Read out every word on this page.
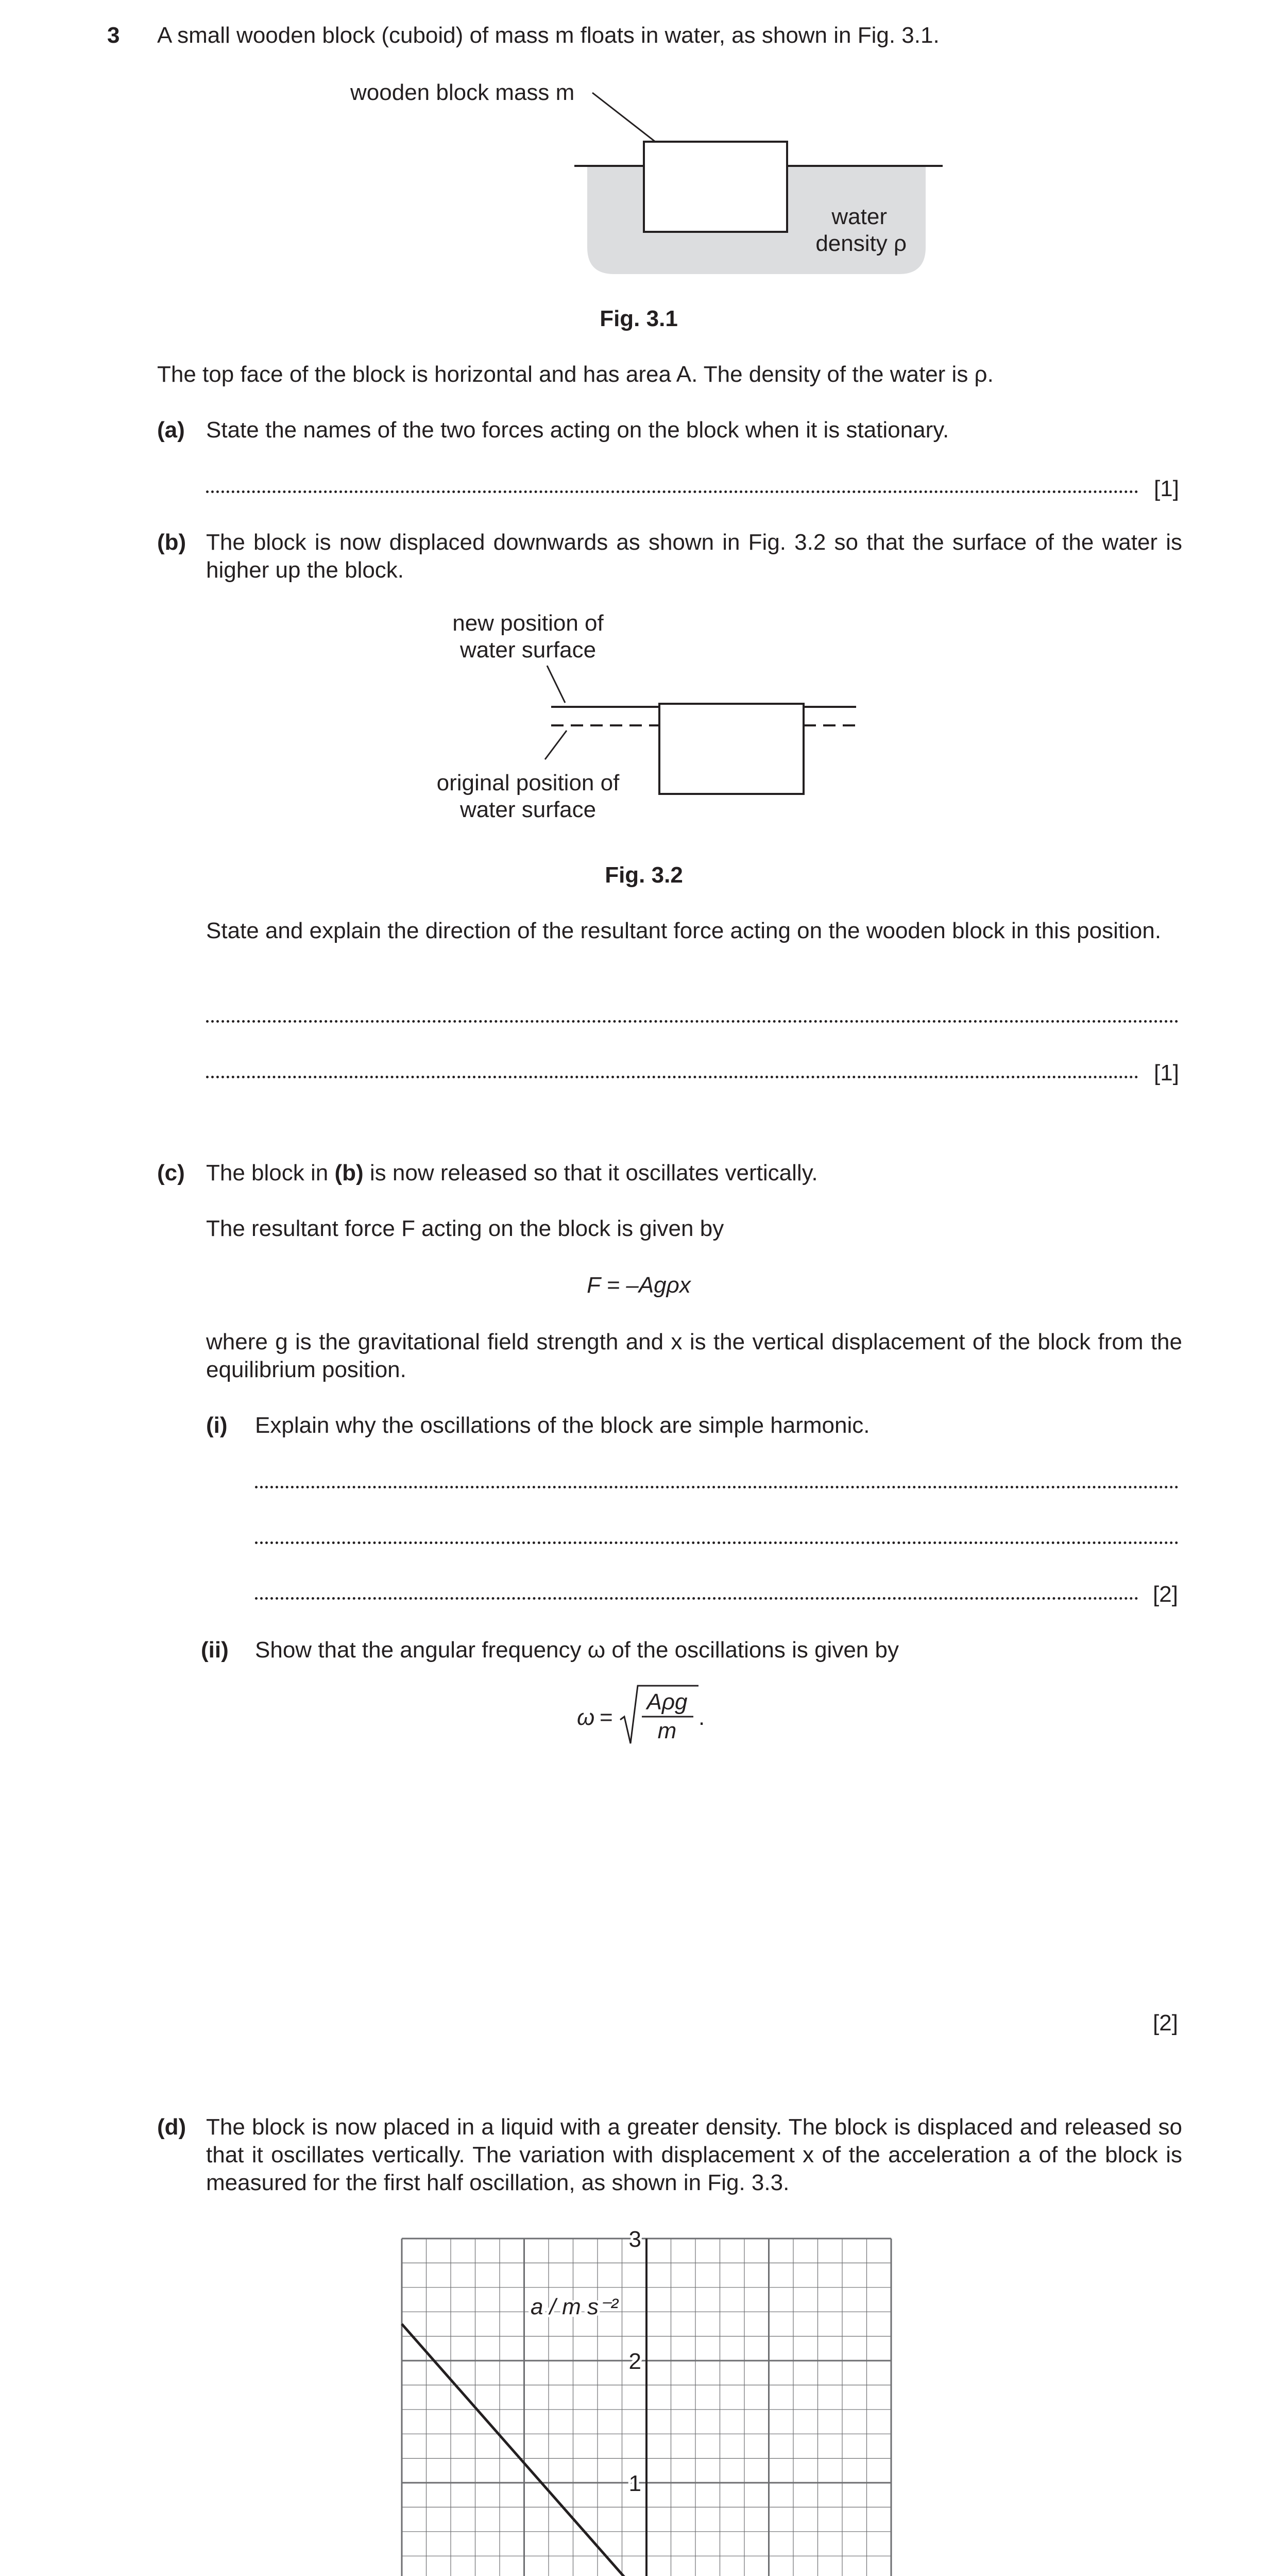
3 A small wooden block (cuboid) of mass m floats in water, as shown in Fig. 3.1.
wooden block mass m
water
density ρ
Fig. 3.1
The top face of the block is horizontal and has area A. The density of the water is ρ.
(a) State the names of the two forces acting on the block when it is stationary.
[1]
(b) The block is now displaced downwards as shown in Fig. 3.2 so that the surface of the water is higher up the block.
new position of
water surface
original position of
water surface
Fig. 3.2
State and explain the direction of the resultant force acting on the wooden block in this position.
[1]
(c) The block in (b) is now released so that it oscillates vertically.
The resultant force F acting on the block is given by
F = –Agρx
where g is the gravitational field strength and x is the vertical displacement of the block from the equilibrium position.
(i) Explain why the oscillations of the block are simple harmonic.
[2]
(ii) Show that the angular frequency ω of the oscillations is given by
ω =
Aρg
m
.
[2]
(d) The block is now placed in a liquid with a greater density. The block is displaced and released so that it oscillates vertically. The variation with displacement x of the acceleration a of the block is measured for the first half oscillation, as shown in Fig. 3.3.
1
2
3
a / m s⁻²
